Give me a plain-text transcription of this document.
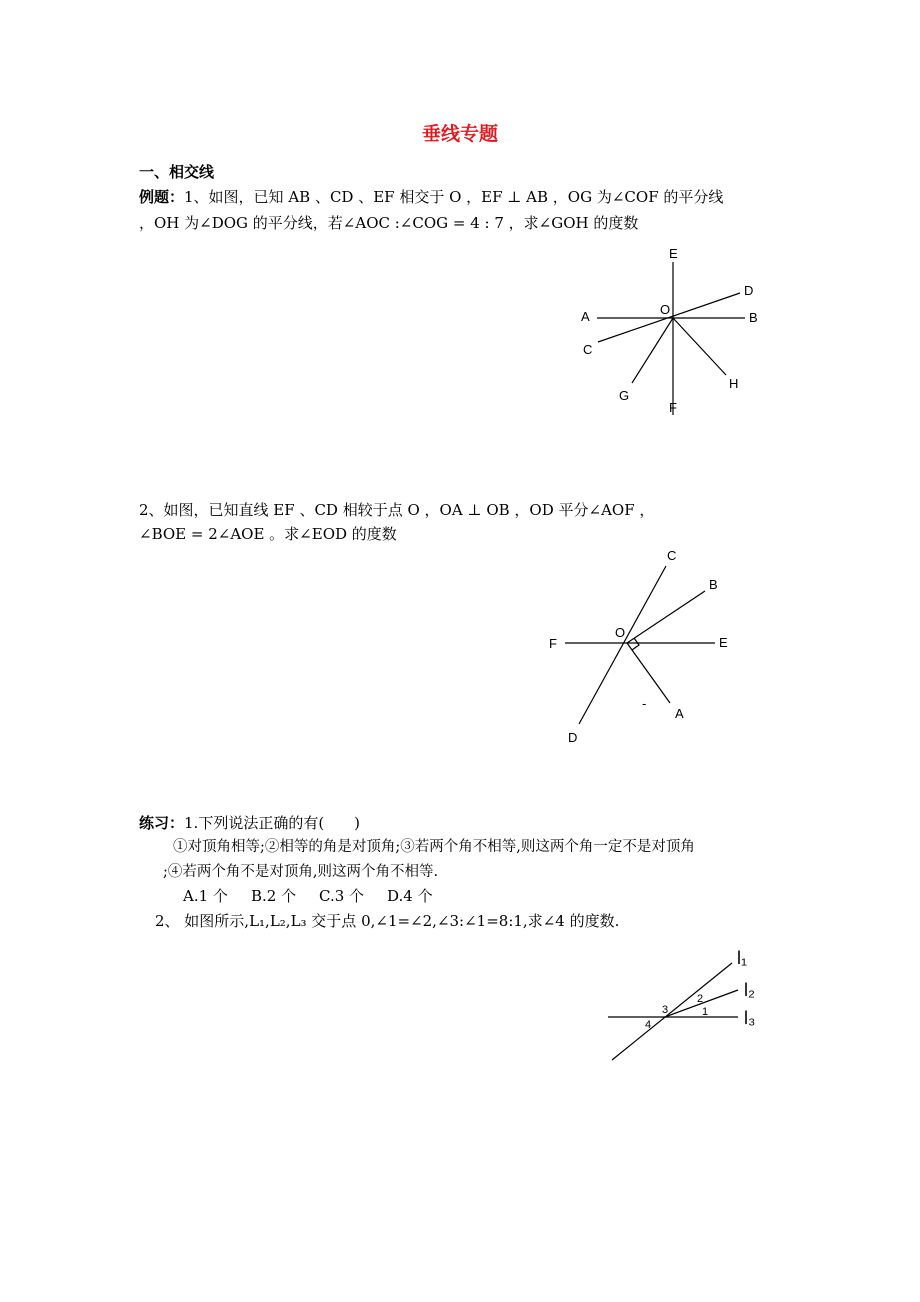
垂线专题
一、相交线
例题：1、如图，已知 AB 、CD 、EF 相交于 O ，EF ⊥ AB ，OG 为∠COF 的平分线
，OH 为∠DOG 的平分线，若∠AOC :∠COG = 4 : 7 ，求∠GOH 的度数
2、如图，已知直线 EF 、CD 相较于点 O ，OA ⊥ OB ，OD 平分∠AOF ，
∠BOE = 2∠AOE 。求∠EOD 的度数
练习：1.下列说法正确的有(　　)
①对顶角相等;②相等的角是对顶角;③若两个角不相等,则这两个角一定不是对顶角
;④若两个角不是对顶角,则这两个角不相等.
A.1 个 B.2 个 C.3 个 D.4 个
2、 如图所示,L₁,L₂,L₃ 交于点 0,∠1=∠2,∠3:∠1=8:1,求∠4 的度数.
E
D
A	O
B
C
G
H
F
C
B
O
F	E
A
D
-
l₁
l₂
l₃
1
2
3
4
